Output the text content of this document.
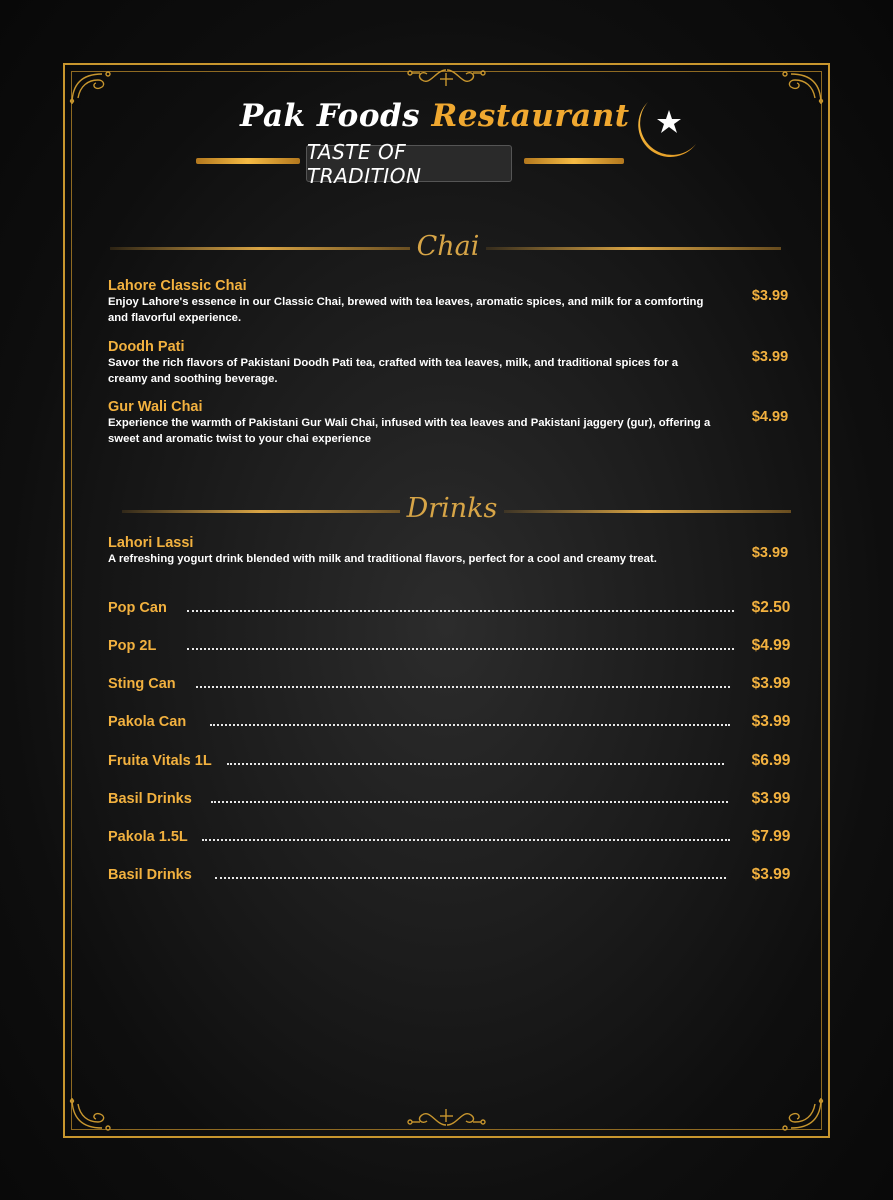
Pak Foods Restaurant
TASTE OF TRADITION
Chai
Lahore Classic Chai
Enjoy Lahore's essence in our Classic Chai, brewed with tea leaves, aromatic spices, and milk for a comforting
and flavorful experience.
$3.99
Doodh Pati
Savor the rich flavors of Pakistani Doodh Pati tea, crafted with tea leaves, milk, and traditional spices for a
creamy and soothing beverage.
$3.99
Gur Wali Chai
Experience the warmth of Pakistani Gur Wali Chai, infused with tea leaves and Pakistani jaggery (gur), offering a
sweet and aromatic twist to your chai experience
$4.99
Drinks
Lahori Lassi
A refreshing yogurt drink blended with milk and traditional flavors, perfect for a cool and creamy treat.	$3.99
Pop Can	$2.50
Pop 2L	$4.99
Sting Can	$3.99
Pakola Can	$3.99
Fruita Vitals 1L	$6.99
Basil Drinks	$3.99
Pakola 1.5L	$7.99
Basil Drinks	$3.99
